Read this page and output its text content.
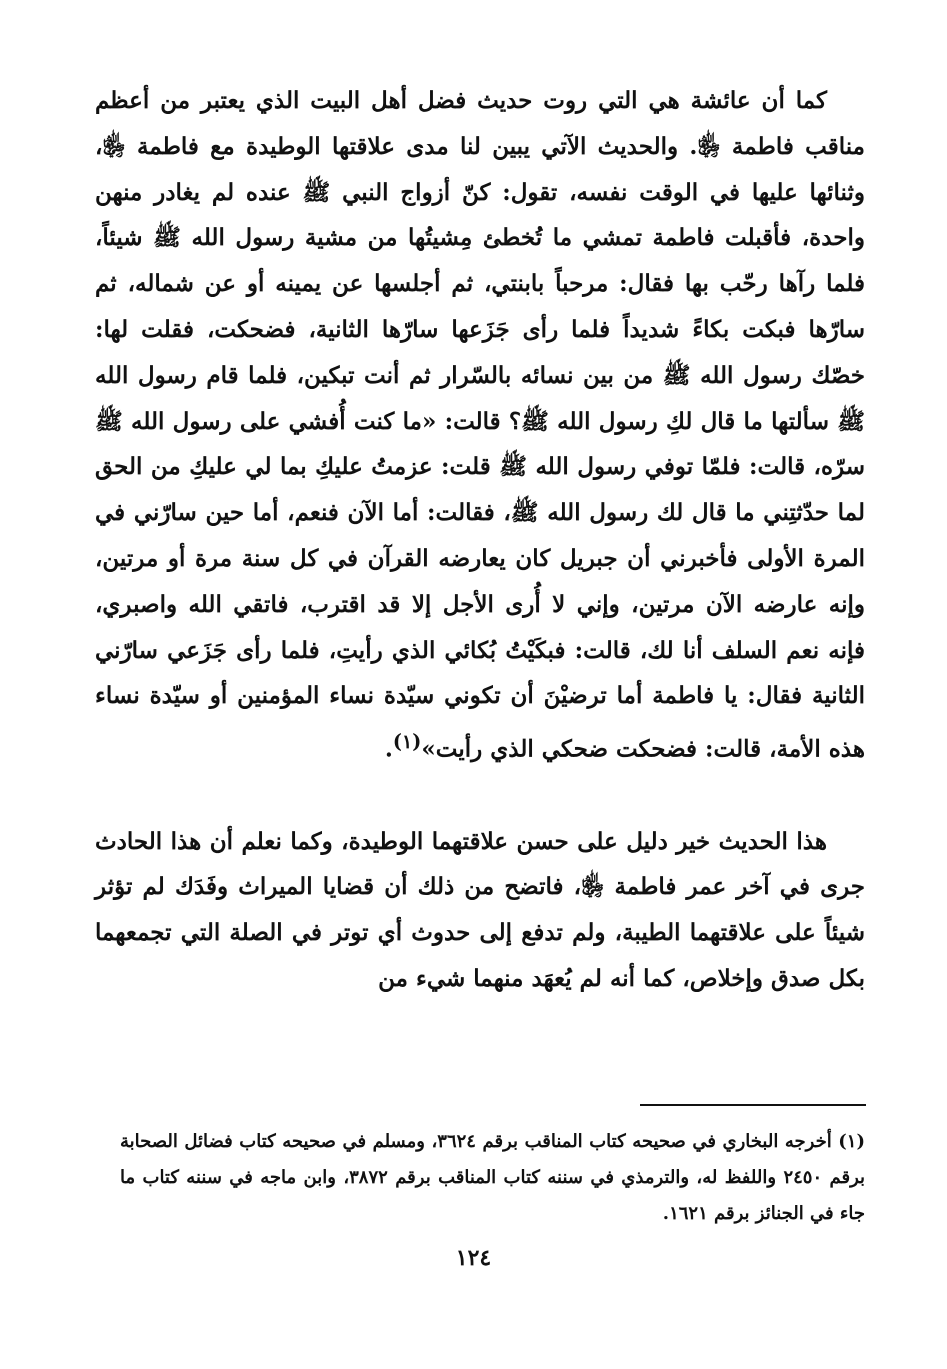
كما أن عائشة هي التي روت حديث فضل أهل البيت الذي يعتبر من أعظم مناقب فاطمة ﵂. والحديث الآتي يبين لنا مدى علاقتها الوطيدة مع فاطمة ﵂، وثنائها عليها في الوقت نفسه، تقول: كنّ أزواج النبي ﷺ عنده لم يغادر منهن واحدة، فأقبلت فاطمة تمشي ما تُخطئ مِشيتُها من مشية رسول الله ﷺ شيئاً، فلما رآها رحّب بها فقال: مرحباً بابنتي، ثم أجلسها عن يمينه أو عن شماله، ثم سارّها فبكت بكاءً شديداً فلما رأى جَزَعها سارّها الثانية، فضحكت، فقلت لها: خصّك رسول الله ﷺ من بين نسائه بالسّرار ثم أنت تبكين، فلما قام رسول الله ﷺ سألتها ما قال لكِ رسول الله ﷺ؟ قالت: «ما كنت أُفشي على رسول الله ﷺ سرّه، قالت: فلمّا توفي رسول الله ﷺ قلت: عزمتُ عليكِ بما لي عليكِ من الحق لما حدّثتِني ما قال لك رسول الله ﷺ، فقالت: أما الآن فنعم، أما حين سارّني في المرة الأولى فأخبرني أن جبريل كان يعارضه القرآن في كل سنة مرة أو مرتين، وإنه عارضه الآن مرتين، وإني لا أُرى الأجل إلا قد اقترب، فاتقي الله واصبري، فإنه نعم السلف أنا لك، قالت: فبكَيْتُ بُكائي الذي رأيتِ، فلما رأى جَزَعي سارّني الثانية فقال: يا فاطمة أما ترضيْنَ أن تكوني سيّدة نساء المؤمنين أو سيّدة نساء هذه الأمة، قالت: فضحكت ضحكي الذي رأيت»$^{(١)}$.

هذا الحديث خير دليل على حسن علاقتهما الوطيدة، وكما نعلم أن هذا الحادث جرى في آخر عمر فاطمة ﵂، فاتضح من ذلك أن قضايا الميراث وفَدَك لم تؤثر شيئاً على علاقتهما الطيبة، ولم تدفع إلى حدوث أي توتر في الصلة التي تجمعهما بكل صدق وإخلاص، كما أنه لم يُعهَد منهما شيء من

(١) أخرجه البخاري في صحيحه كتاب المناقب برقم ٣٦٢٤، ومسلم في صحيحه كتاب فضائل الصحابة برقم ٢٤٥٠ واللفظ له، والترمذي في سننه كتاب المناقب برقم ٣٨٧٢، وابن ماجه في سننه كتاب ما جاء في الجنائز برقم ١٦٢١.
١٢٤
